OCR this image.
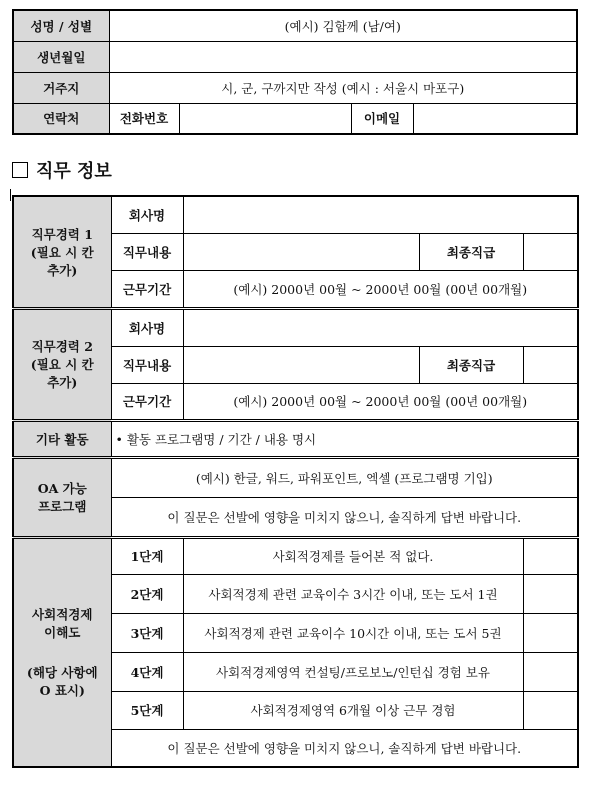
성명 / 성별	(예시) 김함께 (남/여)			
생년월일				
거주지	시, 군, 구까지만 작성 (예시 : 서울시 마포구)			
연락처	전화번호		이메일	
직무 정보
직무경력 1
(필요 시 칸
추가)	회사명			
	직무내용		최종직급	
	근무기간	(예시) 2000년 00월 ~ 2000년 00월 (00년 00개월)		

직무경력 2
(필요 시 칸
추가)	회사명			
	직무내용		최종직급	
	근무기간	(예시) 2000년 00월 ~ 2000년 00월 (00년 00개월)		
기타 활동	• 활동 프로그램명 / 기간 / 내용 명시			

OA 가능
프로그램	(예시) 한글, 워드, 파워포인트, 엑셀 (프로그램명 기입)			
	이 질문은 선발에 영향을 미치지 않으니, 솔직하게 답변 바랍니다.			

사회적경제
이해도
(해당 사항에
O 표시)	1단계	사회적경제를 들어본 적 없다.		
	2단계	사회적경제 관련 교육이수 3시간 이내, 또는 도서 1권		
	3단계	사회적경제 관련 교육이수 10시간 이내, 또는 도서 5권		
	4단계	사회적경제영역 컨설팅/프로보노/인턴십 경험 보유		
	5단계	사회적경제영역 6개월 이상 근무 경험		
	이 질문은 선발에 영향을 미치지 않으니, 솔직하게 답변 바랍니다.			
